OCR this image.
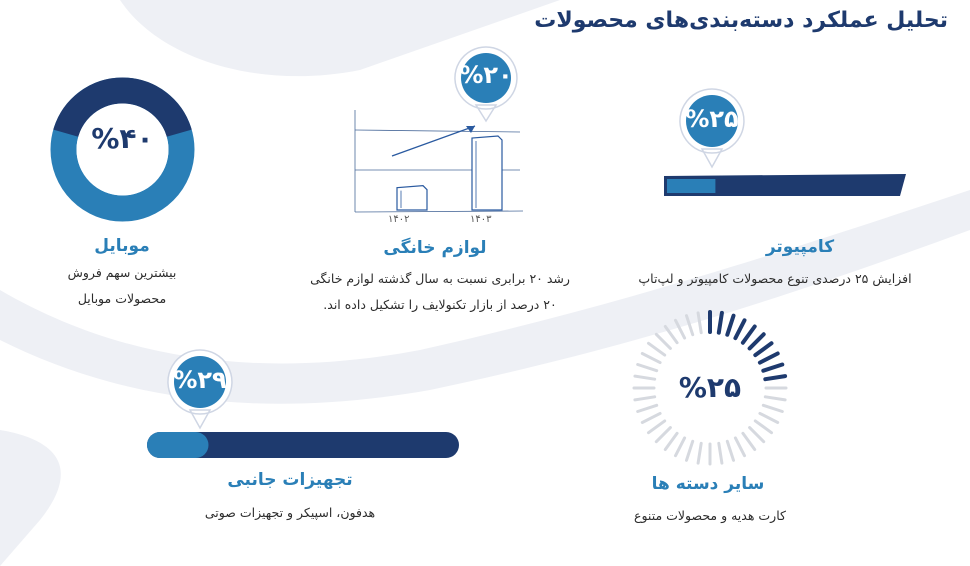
تحلیل عملکرد دسته‌بندی‌های محصولات
%۴۰
موبایل
بیشترین سهم فروش
محصولات موبایل
۱۴۰۲	۱۴۰۳
%۲۰
لوازم خانگی
رشد ۲۰ برابری نسبت به سال گذشته لوازم خانگی
۲۰ درصد از بازار تکنولایف را تشکیل داده اند.
%۲۵
کامپیوتر
افزایش ۲۵ درصدی تنوع محصولات کامپیوتر و لپ‌تاپ
%۲۹
تجهیزات جانبی
هدفون، اسپیکر و تجهیزات صوتی
%۲۵
سایر دسته ها
کارت هدیه و محصولات متنوع
